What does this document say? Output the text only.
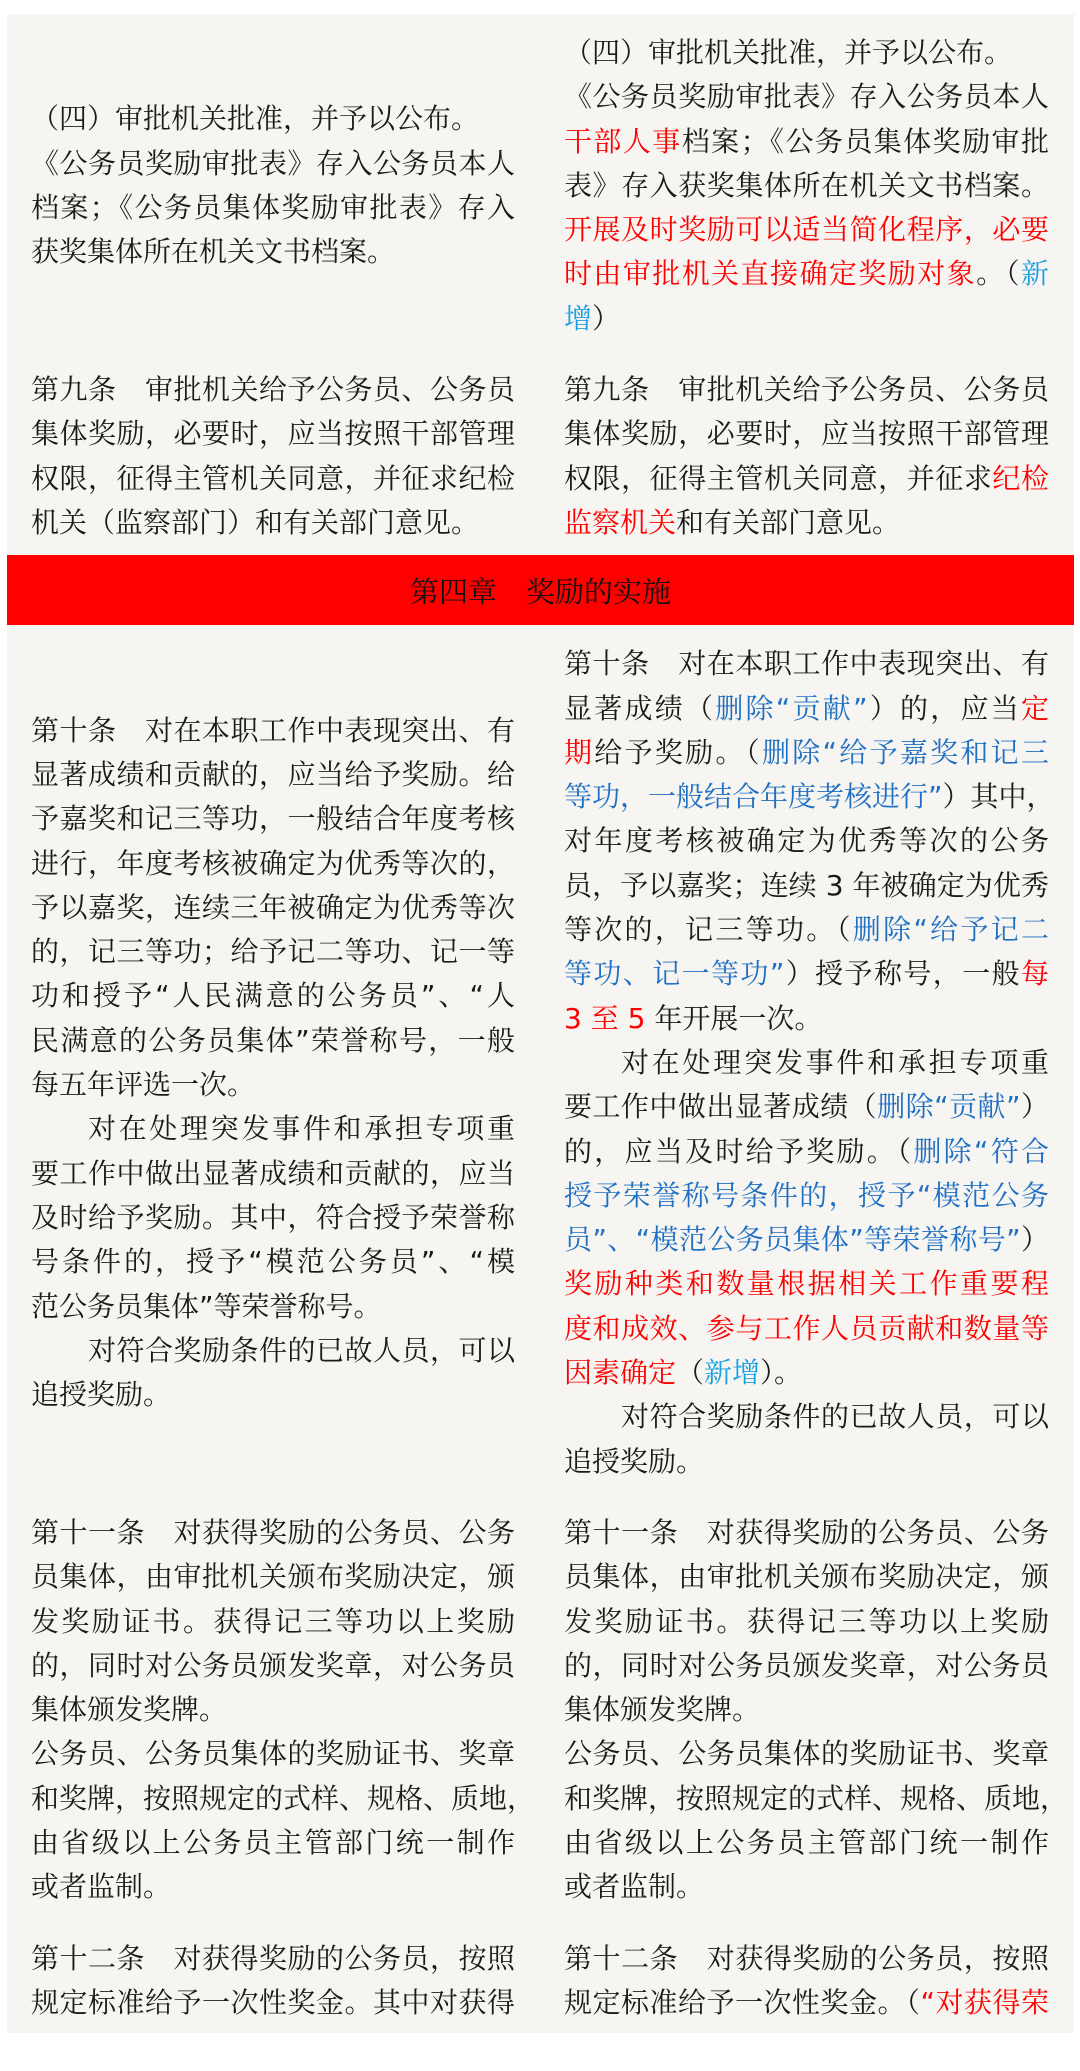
（四）审批机关批准，并予以公布。
《公务员奖励审批表》存入公务员本人
档案；《公务员集体奖励审批表》存入
获奖集体所在机关文书档案。
（四）审批机关批准，并予以公布。
《公务员奖励审批表》存入公务员本人
干部人事档案；《公务员集体奖励审批
表》存入获奖集体所在机关文书档案。
开展及时奖励可以适当简化程序，必要
时由审批机关直接确定奖励对象。（新
增）
第九条　审批机关给予公务员、公务员
集体奖励，必要时，应当按照干部管理
权限，征得主管机关同意，并征求纪检
机关（监察部门）和有关部门意见。
第九条　审批机关给予公务员、公务员
集体奖励，必要时，应当按照干部管理
权限，征得主管机关同意，并征求纪检
监察机关和有关部门意见。
第四章　奖励的实施
第十条　对在本职工作中表现突出、有
显著成绩和贡献的，应当给予奖励。给
予嘉奖和记三等功，一般结合年度考核
进行，年度考核被确定为优秀等次的，
予以嘉奖，连续三年被确定为优秀等次
的，记三等功；给予记二等功、记一等
功和授予“人民满意的公务员”、“人
民满意的公务员集体”荣誉称号，一般
每五年评选一次。
对在处理突发事件和承担专项重
要工作中做出显著成绩和贡献的，应当
及时给予奖励。其中，符合授予荣誉称
号条件的，授予“模范公务员”、“模
范公务员集体”等荣誉称号。
对符合奖励条件的已故人员，可以
追授奖励。
第十条　对在本职工作中表现突出、有
显著成绩（删除“贡献”）的，应当定
期给予奖励。（删除“给予嘉奖和记三
等功，一般结合年度考核进行”）其中，
对年度考核被确定为优秀等次的公务
员，予以嘉奖；连续 3 年被确定为优秀
等次的，记三等功。（删除“给予记二
等功、记一等功”）授予称号，一般每
3 至 5 年开展一次。
对在处理突发事件和承担专项重
要工作中做出显著成绩（删除“贡献”）
的，应当及时给予奖励。（删除“符合
授予荣誉称号条件的，授予“模范公务
员”、“模范公务员集体”等荣誉称号”）
奖励种类和数量根据相关工作重要程
度和成效、参与工作人员贡献和数量等
因素确定（新增）。
对符合奖励条件的已故人员，可以
追授奖励。
第十一条　对获得奖励的公务员、公务
员集体，由审批机关颁布奖励决定，颁
发奖励证书。获得记三等功以上奖励
的，同时对公务员颁发奖章，对公务员
集体颁发奖牌。
公务员、公务员集体的奖励证书、奖章
和奖牌，按照规定的式样、规格、质地，
由省级以上公务员主管部门统一制作
或者监制。
第十一条　对获得奖励的公务员、公务
员集体，由审批机关颁布奖励决定，颁
发奖励证书。获得记三等功以上奖励
的，同时对公务员颁发奖章，对公务员
集体颁发奖牌。
公务员、公务员集体的奖励证书、奖章
和奖牌，按照规定的式样、规格、质地，
由省级以上公务员主管部门统一制作
或者监制。
第十二条　对获得奖励的公务员，按照
规定标准给予一次性奖金。其中对获得
第十二条　对获得奖励的公务员，按照
规定标准给予一次性奖金。（“对获得荣
